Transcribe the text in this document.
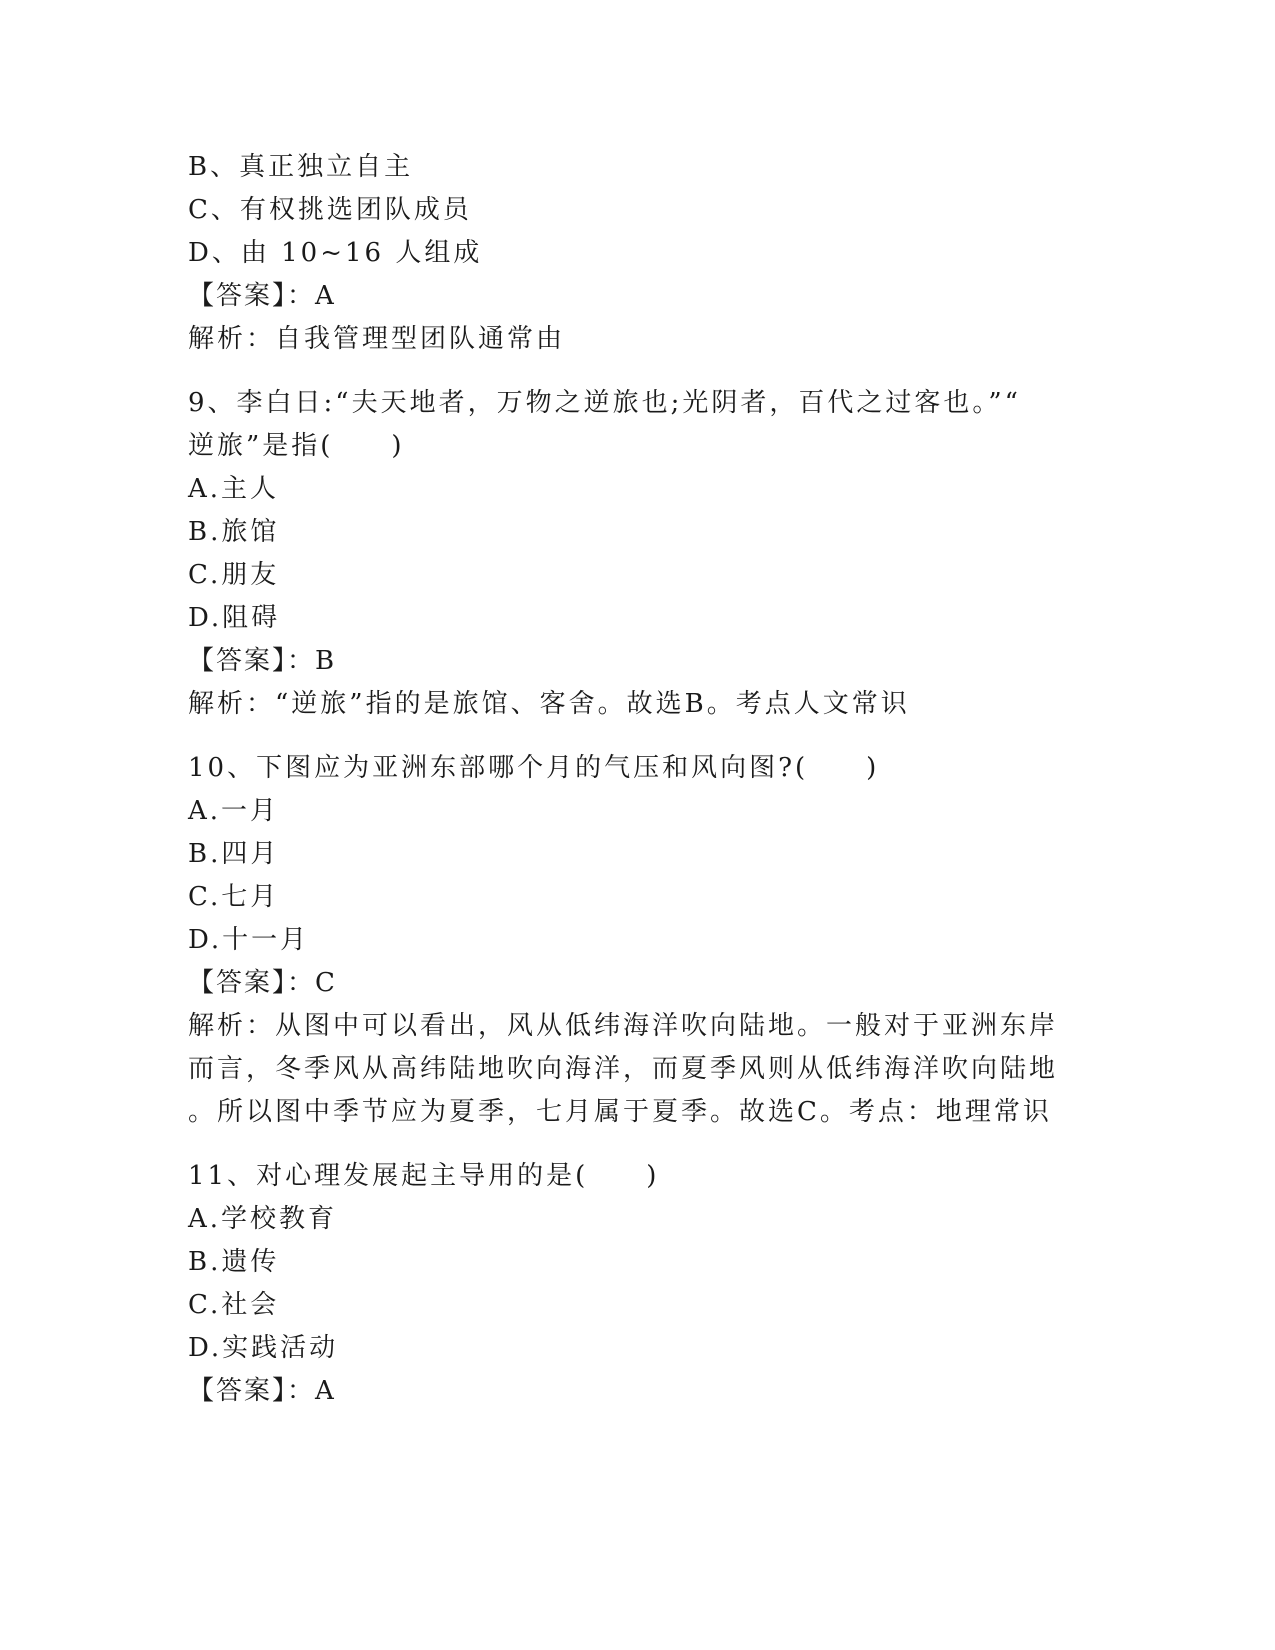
B、真正独立自主
C、有权挑选团队成员
D、由 10~16 人组成
【答案】：A
解析：自我管理型团队通常由
9、李白日:“夫天地者，万物之逆旅也;光阴者，百代之过客也。”“
逆旅”是指(　　)
A.主人
B.旅馆
C.朋友
D.阻碍
【答案】：B
解析：“逆旅”指的是旅馆、客舍。故选B。考点人文常识
10、下图应为亚洲东部哪个月的气压和风向图?(　　)
A.一月
B.四月
C.七月
D.十一月
【答案】：C
解析：从图中可以看出，风从低纬海洋吹向陆地。一般对于亚洲东岸
而言，冬季风从高纬陆地吹向海洋，而夏季风则从低纬海洋吹向陆地
。所以图中季节应为夏季，七月属于夏季。故选C。考点：地理常识
11、对心理发展起主导用的是(　　)
A.学校教育
B.遗传
C.社会
D.实践活动
【答案】：A
